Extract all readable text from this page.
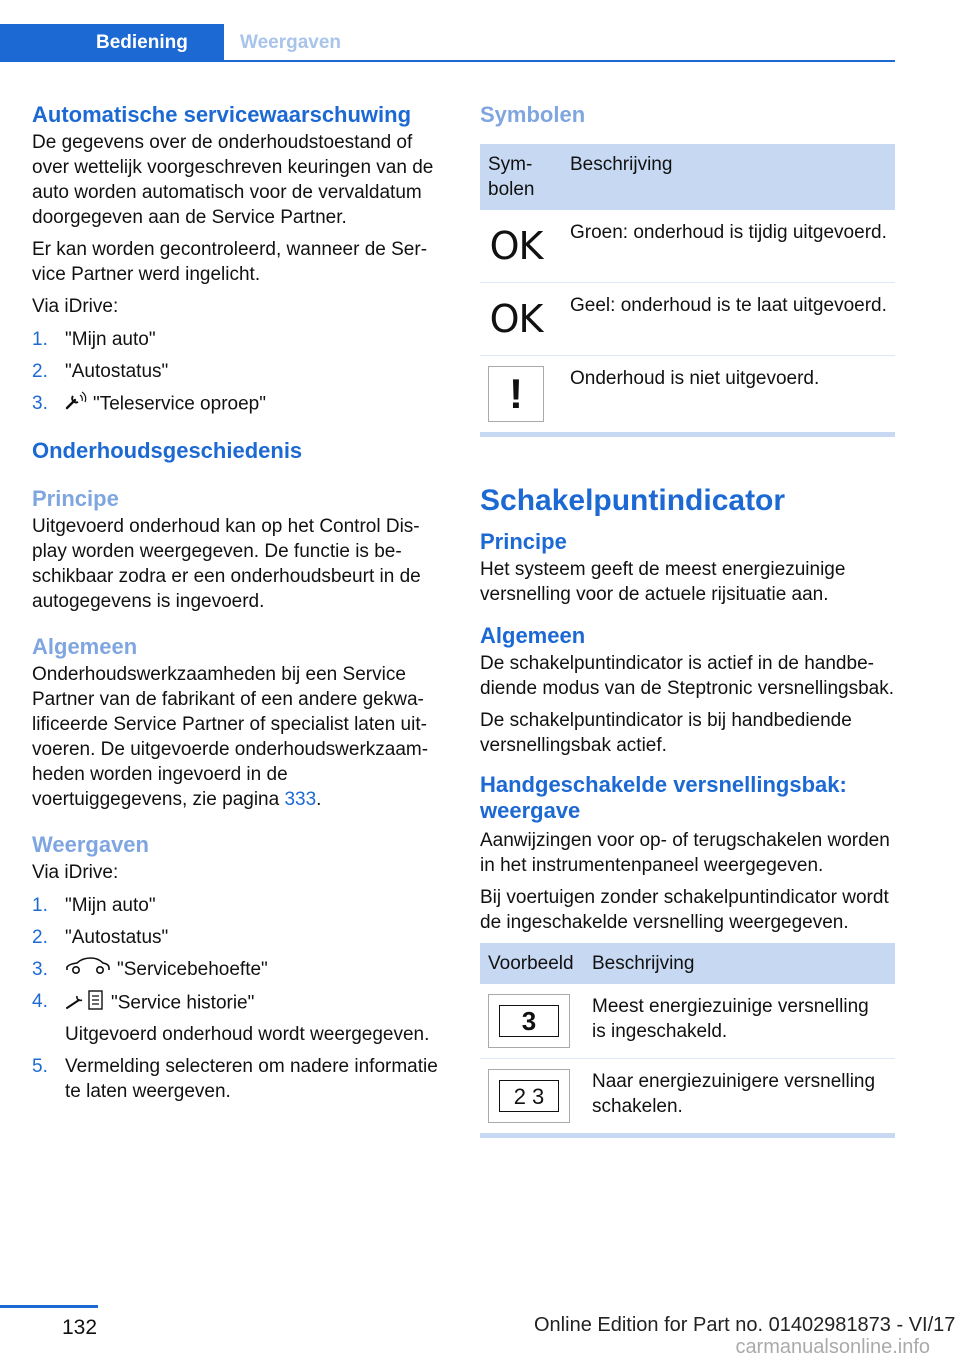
Bediening	Weergaven
Automatische servicewaarschuwing

De gegevens over de onderhoudstoestand of over wettelijk voorgeschreven keuringen van de auto worden automatisch voor de vervaldatum doorgegeven aan de Service Partner.

Er kan worden gecontroleerd, wanneer de Service Partner werd ingelicht.

Via iDrive:

1. "Mijn auto"
2. "Autostatus"
3. "Teleservice oproep"
Onderhoudsgeschiedenis
Principe

Uitgevoerd onderhoud kan op het Control Display worden weergegeven. De functie is beschikbaar zodra er een onderhoudsbeurt in de autogegevens is ingevoerd.

Algemeen

Onderhoudswerkzaamheden bij een Service Partner van de fabrikant of een andere gekwalificeerde Service Partner of specialist laten uitvoeren. De uitgevoerde onderhoudswerkzaamheden worden ingevoerd in de voertuiggegevens, zie pagina 333.

Weergaven

Via iDrive:

1. "Mijn auto"
2. "Autostatus"
3.	"Servicebehoefte"
4.	"Service historie"
Uitgevoerd onderhoud wordt weergegeven.
5. Vermelding selecteren om nadere informatie te laten weergeven.
Symbolen
Symbolen	Beschrijving

OK	Groen: onderhoud is tijdig uitgevoerd.

OK	Geel: onderhoud is te laat uitgevoerd.

!	Onderhoud is niet uitgevoerd.
Schakelpuntindicator
Principe

Het systeem geeft de meest energiezuinige versnelling voor de actuele rijsituatie aan.

Algemeen

De schakelpuntindicator is actief in de handbediende modus van de Steptronic versnellingsbak.

De schakelpuntindicator is bij handbediende versnellingsbak actief.

Handgeschakelde versnellingsbak: weergave

Aanwijzingen voor op- of terugschakelen worden in het instrumentenpaneel weergegeven.

Bij voertuigen zonder schakelpuntindicator wordt de ingeschakelde versnelling weergegeven.

Voorbeeld	Beschrijving

3	Meest energiezuinige versnelling is ingeschakeld.

2 3	Naar energiezuinigere versnelling schakelen.
132	Online Edition for Part no. 01402981873 - VI/17
carmanualsonline.info
